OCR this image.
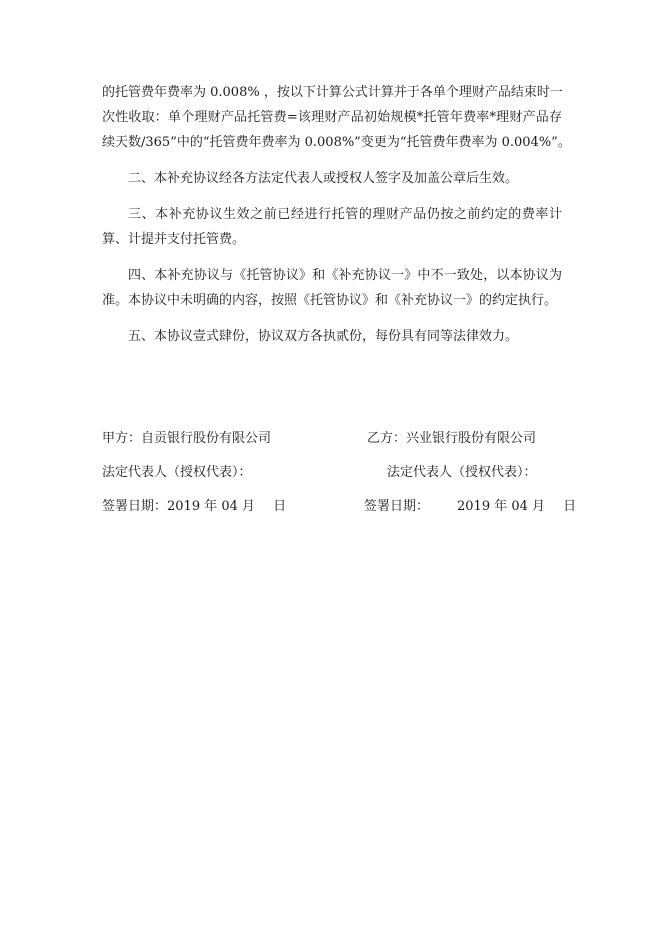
的托管费年费率为 0.008% ，按以下计算公式计算并于各单个理财产品结束时一
次性收取：单个理财产品托管费=该理财产品初始规模*托管年费率*理财产品存
续天数/365”中的“托管费年费率为 0.008%”变更为“托管费年费率为 0.004%”。
二、本补充协议经各方法定代表人或授权人签字及加盖公章后生效。
三、本补充协议生效之前已经进行托管的理财产品仍按之前约定的费率计
算、计提并支付托管费。
四、本补充协议与《托管协议》和《补充协议一》中不一致处，以本协议为
准。本协议中未明确的内容，按照《托管协议》和《补充协议一》的约定执行。
五、本协议壹式肆份，协议双方各执贰份，每份具有同等法律效力。
甲方：自贡银行股份有限公司	乙方：兴业银行股份有限公司
法定代表人（授权代表）：	法定代表人（授权代表）：
签署日期：2019 年 04 月 日	签署日期： 2019 年 04 月 日
